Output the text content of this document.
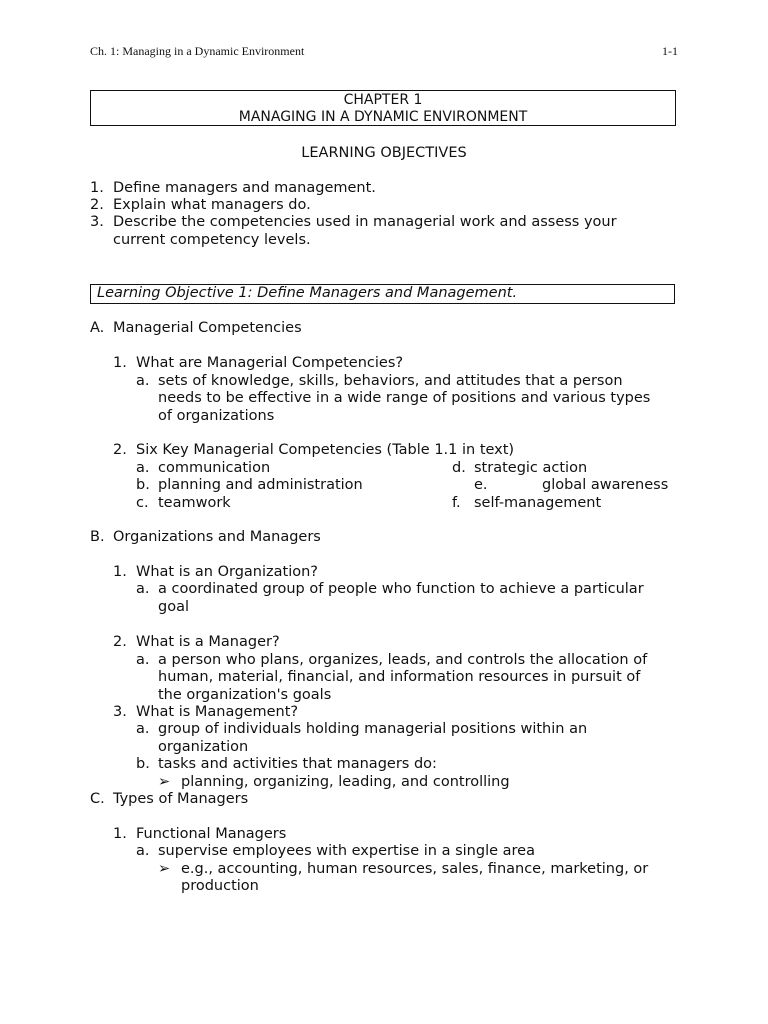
Ch. 1: Managing in a Dynamic Environment	1-1
CHAPTER 1
MANAGING IN A DYNAMIC ENVIRONMENT
LEARNING OBJECTIVES
1. Define managers and management.
2. Explain what managers do.
3. Describe the competencies used in managerial work and assess your
current competency levels.
Learning Objective 1: Define Managers and Management.
A. Managerial Competencies
1. What are Managerial Competencies?
a. sets of knowledge, skills, behaviors, and attitudes that a person
needs to be effective in a wide range of positions and various types
of organizations
2. Six Key Managerial Competencies (Table 1.1 in text)
a. communication
b. planning and administration
c. teamwork
d. strategic action
e.	global awareness
f. self-management
B. Organizations and Managers
1. What is an Organization?
a. a coordinated group of people who function to achieve a particular
goal
2. What is a Manager?
a. a person who plans, organizes, leads, and controls the allocation of
human, material, financial, and information resources in pursuit of
the organization's goals
3. What is Management?
a. group of individuals holding managerial positions within an
organization
b. tasks and activities that managers do:
➢ planning, organizing, leading, and controlling
C. Types of Managers
1. Functional Managers
a. supervise employees with expertise in a single area
➢ e.g., accounting, human resources, sales, finance, marketing, or
production
